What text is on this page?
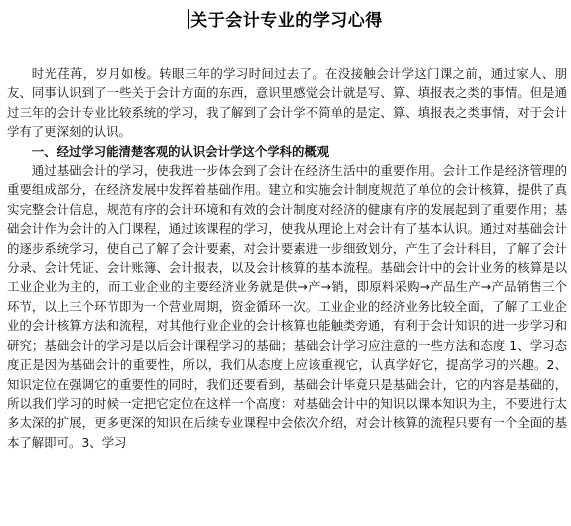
关于会计专业的学习心得

时光荏苒，岁月如梭。转眼三年的学习时间过去了。在没接触会计学这门课之前，通过家人、朋友、同事认识到了一些关于会计方面的东西，意识里感觉会计就是写、算、填报表之类的事情。但是通过三年的会计专业比较系统的学习，我了解到了会计学不简单的是定、算、填报表之类事情，对于会计学有了更深刻的认识。

一、经过学习能清楚客观的认识会计学这个学科的概观

通过基础会计的学习，使我进一步体会到了会计在经济生活中的重要作用。会计工作是经济管理的重要组成部分，在经济发展中发挥着基础作用。建立和实施会计制度规范了单位的会计核算，提供了真实完整会计信息，规范有序的会计环境和有效的会计制度对经济的健康有序的发展起到了重要作用；基础会计作为会计的入门课程，通过该课程的学习，使我从理论上对会计有了基本认识。通过对基础会计的逐步系统学习，使自己了解了会计要素，对会计要素进一步细致划分，产生了会计科目，了解了会计分录、会计凭证、会计账簿、会计报表，以及会计核算的基本流程。基础会计中的会计业务的核算是以工业企业为主的，而工业企业的主要经济业务就是供→产→销，即原料采购→产品生产→产品销售三个环节，以上三个环节即为一个营业周期，资金循环一次。工业企业的经济业务比较全面，了解了工业企业的会计核算方法和流程，对其他行业企业的会计核算也能触类旁通，有利于会计知识的进一步学习和研究；基础会计的学习是以后会计课程学习的基础；基础会计学习应注意的一些方法和态度 1、学习态度正是因为基础会计的重要性，所以，我们从态度上应该重视它，认真学好它，提高学习的兴趣。2、知识定位在强调它的重要性的同时，我们还要看到，基础会计毕竟只是基础会计，它的内容是基础的，所以我们学习的时候一定把它定位在这样一个高度：对基础会计中的知识以课本知识为主，不要进行太多太深的扩展，更多更深的知识在后续专业课程中会依次介绍，对会计核算的流程只要有一个全面的基本了解即可。3、学习
